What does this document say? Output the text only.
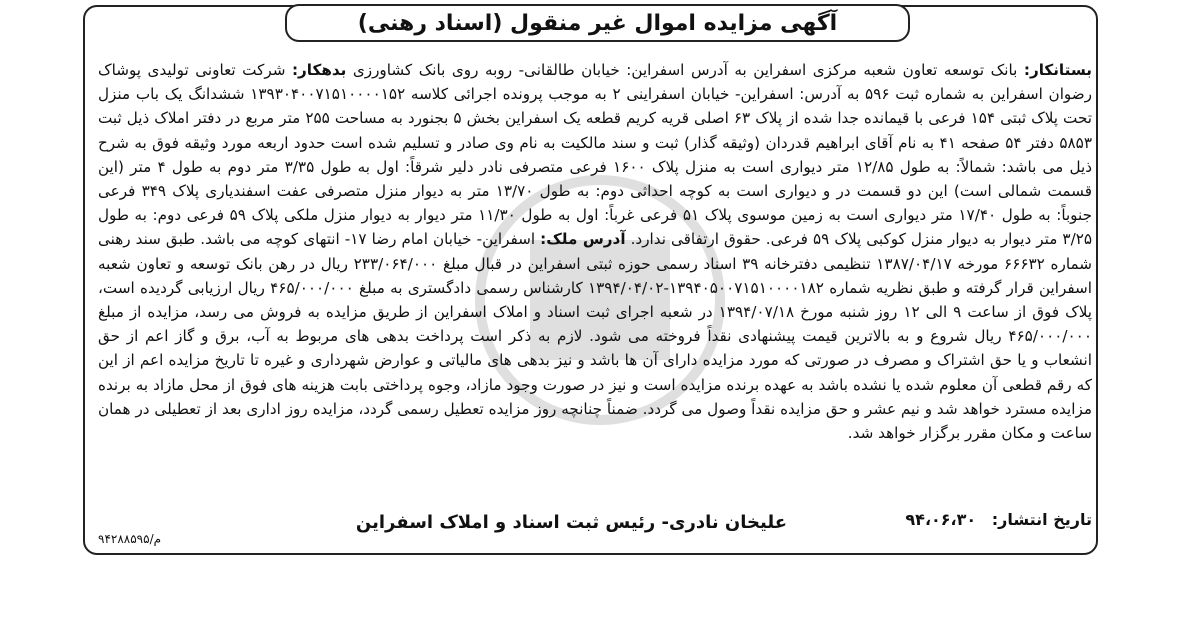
آگهی مزایده اموال غیر منقول (اسناد رهنی)

بستانکار: بانک توسعه تعاون شعبه مرکزی اسفراین به آدرس اسفراین: خیابان طالقانی- روبه روی بانک کشاورزی بدهکار: شرکت تعاونی تولیدی پوشاک رضوان اسفراین به شماره ثبت ۵۹۶ به آدرس: اسفراین- خیابان اسفراینی ۲ به موجب پرونده اجرائی کلاسه ۱۳۹۳۰۴۰۰۷۱۵۱۰۰۰۰۱۵۲ ششدانگ یک باب منزل تحت پلاک ثبتی ۱۵۴ فرعی با قیمانده جدا شده از پلاک ۶۳ اصلی قریه کریم قطعه یک اسفراین بخش ۵ بجنورد به مساحت ۲۵۵ متر مربع در دفتر املاک ذیل ثبت ۵۸۵۳ دفتر ۵۴ صفحه ۴۱ به نام آقای ابراهیم قدردان (وثیقه گذار) ثبت و سند مالکیت به نام وی صادر و تسلیم شده است حدود اربعه مورد وثیقه فوق به شرح ذیل می باشد: شمالاً: به طول ۱۲/۸۵ متر دیواری است به منزل پلاک ۱۶۰۰ فرعی متصرفی نادر دلیر شرقاً: اول به طول ۳/۳۵ متر دوم به طول ۴ متر (این قسمت شمالی است) این دو قسمت در و دیواری است به کوچه احداثی دوم: به طول ۱۳/۷۰ متر به دیوار منزل متصرفی عفت اسفندیاری پلاک ۳۴۹ فرعی جنوباً: به طول ۱۷/۴۰ متر دیواری است به زمین موسوی پلاک ۵۱ فرعی غرباً: اول به طول ۱۱/۳۰ متر دیوار به دیوار منزل ملکی پلاک ۵۹ فرعی دوم: به طول ۳/۲۵ متر دیوار به دیوار منزل کوکبی پلاک ۵۹ فرعی. حقوق ارتفاقی ندارد. آدرس ملک: اسفراین- خیابان امام رضا ۱۷- انتهای کوچه می باشد. طبق سند رهنی شماره ۶۶۶۳۲ مورخه ۱۳۸۷/۰۴/۱۷ تنظیمی دفترخانه ۳۹ اسناد رسمی حوزه ثبتی اسفراین در قبال مبلغ ۲۳۳/۰۶۴/۰۰۰ ریال در رهن بانک توسعه و تعاون شعبه اسفراین قرار گرفته و طبق نظریه شماره ۱۳۹۴۰۵۰۰۷۱۵۱۰۰۰۰۱۸۲-۱۳۹۴/۰۴/۰۲ کارشناس رسمی دادگستری به مبلغ ۴۶۵/۰۰۰/۰۰۰ ریال ارزیابی گردیده است، پلاک فوق از ساعت ۹ الی ۱۲ روز شنبه مورخ ۱۳۹۴/۰۷/۱۸ در شعبه اجرای ثبت اسناد و املاک اسفراین از طریق مزایده به فروش می رسد، مزایده از مبلغ ۴۶۵/۰۰۰/۰۰۰ ریال شروع و به بالاترین قیمت پیشنهادی نقداً فروخته می شود. لازم به ذکر است پرداخت بدهی های مربوط به آب، برق و گاز اعم از حق انشعاب و یا حق اشتراک و مصرف در صورتی که مورد مزایده دارای آن ها باشد و نیز بدهی های مالیاتی و عوارض شهرداری و غیره تا تاریخ مزایده اعم از این که رقم قطعی آن معلوم شده یا نشده باشد به عهده برنده مزایده است و نیز در صورت وجود مازاد، وجوه پرداختی بابت هزینه های فوق از محل مازاد به برنده مزایده مسترد خواهد شد و نیم عشر و حق مزایده نقداً وصول می گردد. ضمناً چنانچه روز مزایده تعطیل رسمی گردد، مزایده روز اداری بعد از تعطیلی در همان ساعت و مکان مقرر برگزار خواهد شد.

تاریخ انتشار: ۹۴،۰۶،۳۰
علیخان نادری- رئیس ثبت اسناد و املاک اسفراین
م/۹۴۲۸۸۵۹۵
